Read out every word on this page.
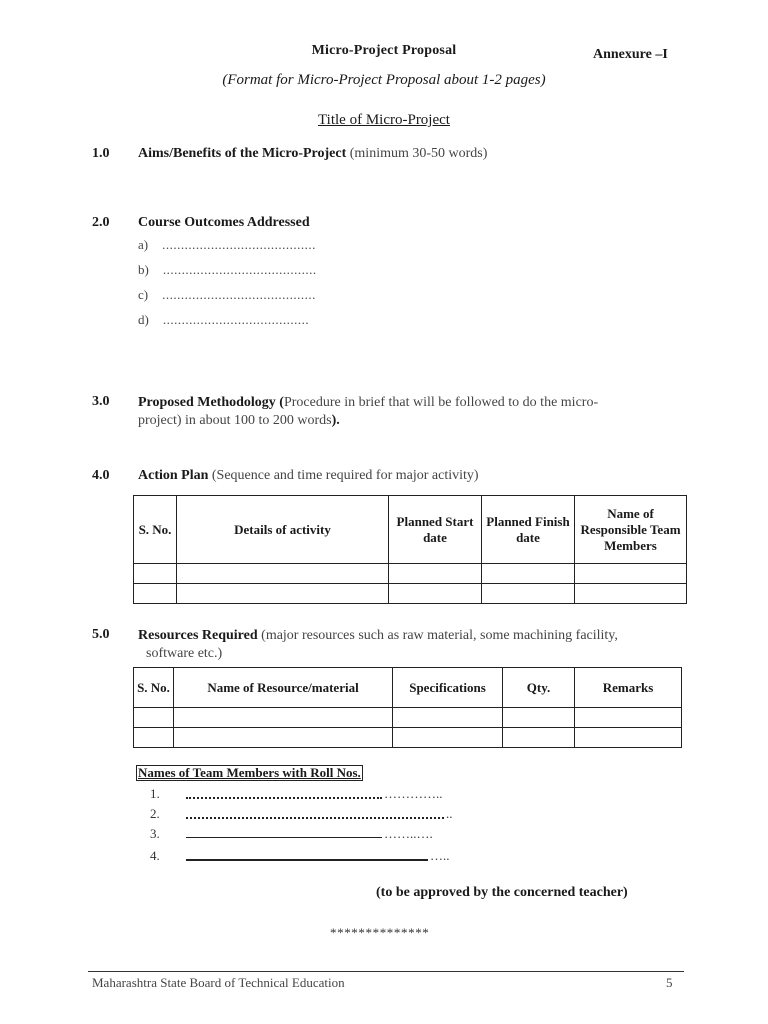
Micro-Project Proposal	Annexure –I
(Format for Micro-Project Proposal about 1-2 pages)
Title of Micro-Project
1.0 Aims/Benefits of the Micro-Project (minimum 30-50 words)
2.0 Course Outcomes Addressed
a) .........................................
b) .........................................
c) .........................................
d) .......................................
3.0 Proposed Methodology (Procedure in brief that will be followed to do the micro-
project) in about 100 to 200 words).
4.0 Action Plan (Sequence and time required for major activity)
S. No.	Details of activity	Planned Start date	Planned Finish date	Name of Responsible Team Members

5.0 Resources Required (major resources such as raw material, some machining facility,
software etc.)
S. No.	Name of Resource/material	Specifications	Qty.	Remarks

Names of Team Members with Roll Nos.
1.	…………..
2.	..
3.	……..….
4.	…..
(to be approved by the concerned teacher)
**************
Maharashtra State Board of Technical Education	5
